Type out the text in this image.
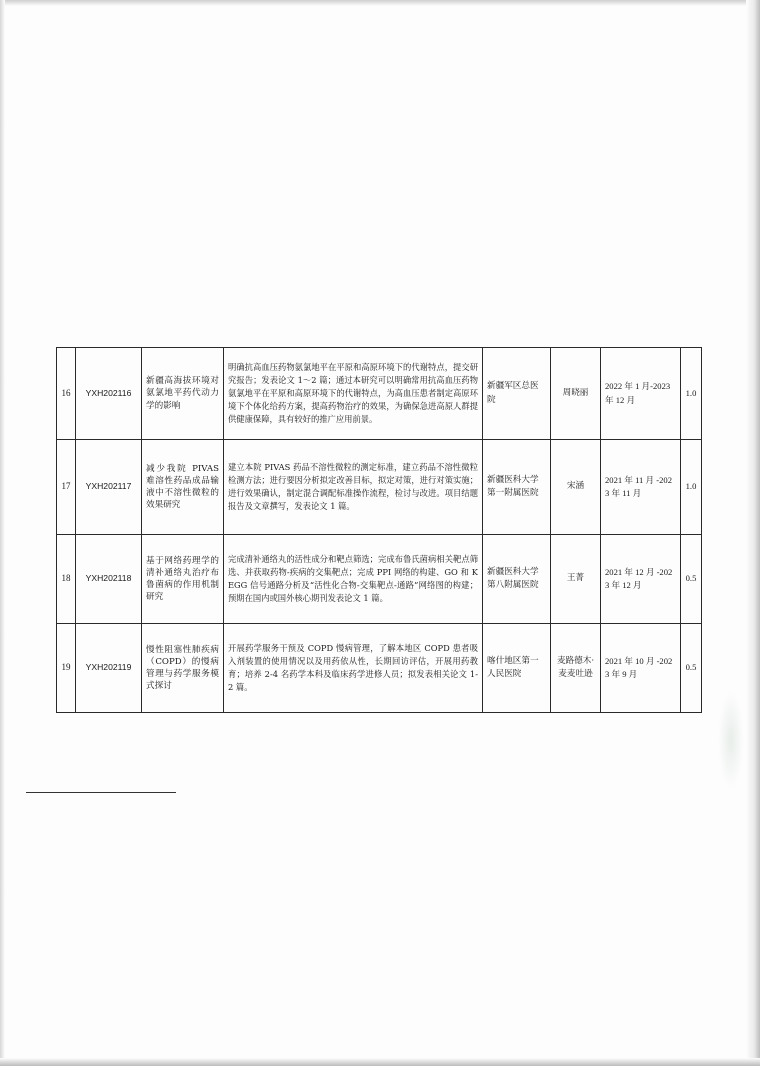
16	YXH202116	新疆高海拔环境对氨氯地平药代动力学的影响	明确抗高血压药物氨氯地平在平原和高原环境下的代谢特点，提交研究报告；发表论文 1～2 篇；通过本研究可以明确常用抗高血压药物氨氯地平在平原和高原环境下的代谢特点，为高血压患者制定高原环境下个体化给药方案，提高药物治疗的效果，为确保急进高原人群提供健康保障，具有较好的推广应用前景。	新疆军区总医院	周晓丽	2022 年 1 月-2023 年 12 月	1.0
17	YXH202117	减少我院 PIVAS 难溶性药品成品输液中不溶性微粒的效果研究	建立本院 PIVAS 药品不溶性微粒的测定标准，建立药品不溶性微粒检测方法；进行要因分析拟定改善目标，拟定对策，进行对策实施；进行效果确认，制定混合调配标准操作流程，检讨与改进。项目结题报告及文章撰写，发表论文 1 篇。	新疆医科大学第一附属医院	宋涵	2021 年 11 月 -2023 年 11 月	1.0
18	YXH202118	基于网络药理学的清补通络丸治疗布鲁菌病的作用机制研究	完成清补通络丸的活性成分和靶点筛选；完成布鲁氏菌病相关靶点筛选、并获取药物-疾病的交集靶点；完成 PPI 网络的构建、GO 和 KEGG 信号通路分析及“活性化合物-交集靶点-通路”网络图的构建；预期在国内或国外核心期刊发表论文 1 篇。	新疆医科大学第八附属医院	王菁	2021 年 12 月 -2023 年 12 月	0.5
19	YXH202119	慢性阻塞性肺疾病（COPD）的慢病管理与药学服务模式探讨	开展药学服务干预及 COPD 慢病管理，了解本地区 COPD 患者吸入剂装置的使用情况以及用药依从性，长期回访评估，开展用药教育；培养 2-4 名药学本科及临床药学进修人员；拟发表相关论文 1-2 篇。	喀什地区第一人民医院	麦路德木·麦麦吐逊	2021 年 10 月 -2023 年 9 月	0.5
